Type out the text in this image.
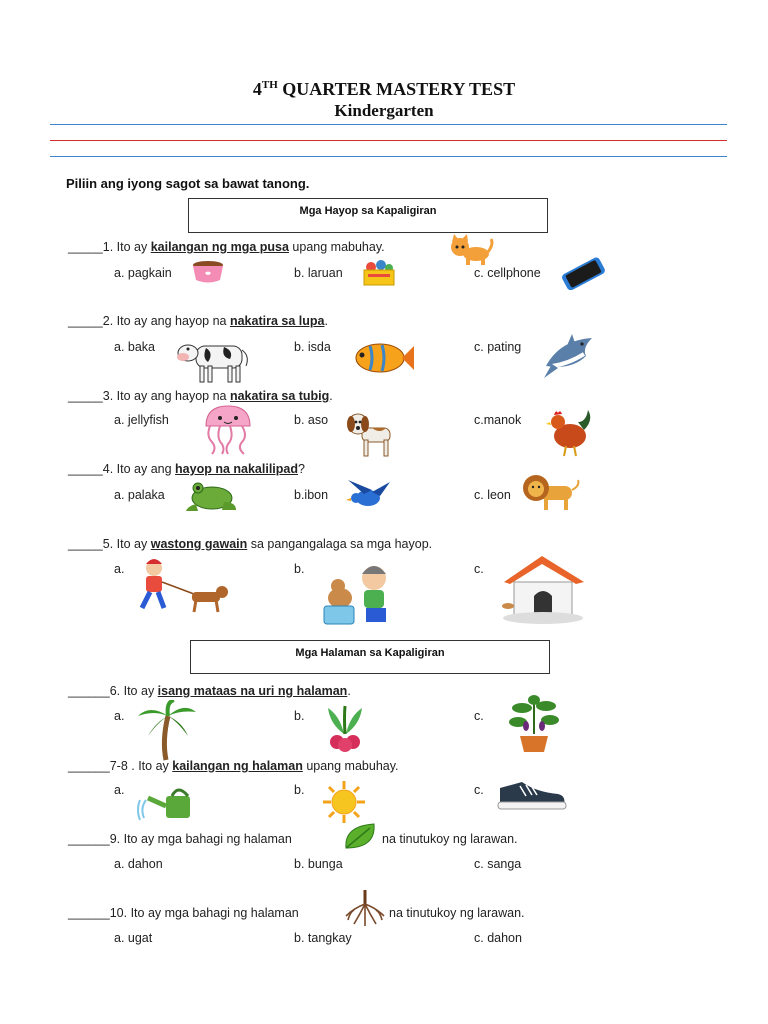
4TH QUARTER MASTERY TEST
Kindergarten
Piliin ang iyong sagot sa bawat tanong.
Mga Hayop sa Kapaligiran
Mga Halaman sa Kapaligiran
_____1. Ito ay kailangan ng mga pusa upang mabuhay.
a. pagkain	b. laruan	c. cellphone
_____2. Ito ay ang hayop na nakatira sa lupa.
a. baka	b. isda	c. pating
_____3. Ito ay ang hayop na nakatira sa tubig.
a. jellyfish	b. aso	c.manok
_____4. Ito ay ang hayop na nakalilipad?
a. palaka	b.ibon	c. leon
_____5. Ito ay wastong gawain sa pangangalaga sa mga hayop.
a.	b.	c.
______6. Ito ay isang mataas na uri ng halaman.
a.	b.	c.
______7-8 . Ito ay kailangan ng halaman upang mabuhay.
a.	b.	c.
______9. Ito ay mga bahagi ng halaman	na tinutukoy ng larawan.
a. dahon	b. bunga	c. sanga
______10. Ito ay mga bahagi ng halaman	na tinutukoy ng larawan.
a. ugat	b. tangkay	c. dahon
